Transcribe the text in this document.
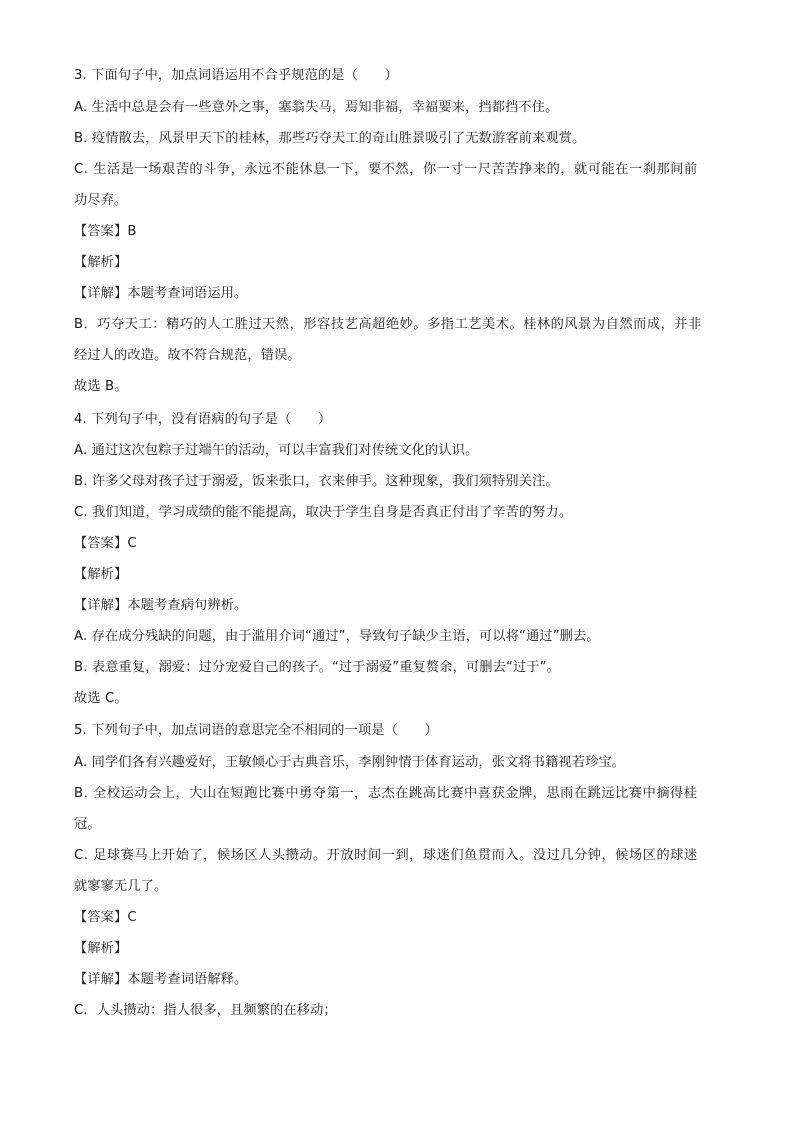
3. 下面句子中，加点词语运用不合乎规范的是（　　）
A. 生活中总是会有一些意外之事，塞翁失马，焉知非福，幸福要来，挡都挡不住。
B. 疫情散去，风景甲天下的桂林，那些巧夺天工的奇山胜景吸引了无数游客前来观赏。
C. 生活是一场艰苦的斗争，永远不能休息一下，要不然，你一寸一尺苦苦挣来的，就可能在一刹那间前
功尽弃。
【答案】B
【解析】
【详解】本题考查词语运用。
B．巧夺天工：精巧的人工胜过天然，形容技艺高超绝妙。多指工艺美术。桂林的风景为自然而成，并非
经过人的改造。故不符合规范，错误。
故选 B。
4. 下列句子中，没有语病的句子是（　　）
A. 通过这次包粽子过端午的活动，可以丰富我们对传统文化的认识。
B. 许多父母对孩子过于溺爱，饭来张口，衣来伸手。这种现象，我们须特别关注。
C. 我们知道，学习成绩的能不能提高，取决于学生自身是否真正付出了辛苦的努力。
【答案】C
【解析】
【详解】本题考查病句辨析。
A. 存在成分残缺的问题，由于滥用介词“通过”，导致句子缺少主语，可以将“通过”删去。
B. 表意重复，溺爱：过分宠爱自己的孩子。“过于溺爱”重复赘余，可删去“过于”。
故选 C。
5. 下列句子中，加点词语的意思完全不相同的一项是（　　）
A. 同学们各有兴趣爱好，王敏倾心于古典音乐，李刚钟情于体育运动，张文将书籍视若珍宝。
B. 全校运动会上，大山在短跑比赛中勇夺第一，志杰在跳高比赛中喜获金牌，思雨在跳远比赛中摘得桂
冠。
C. 足球赛马上开始了，候场区人头攒动。开放时间一到，球迷们鱼贯而入。没过几分钟，候场区的球迷
就寥寥无几了。
【答案】C
【解析】
【详解】本题考查词语解释。
C．人头攒动：指人很多，且频繁的在移动；
